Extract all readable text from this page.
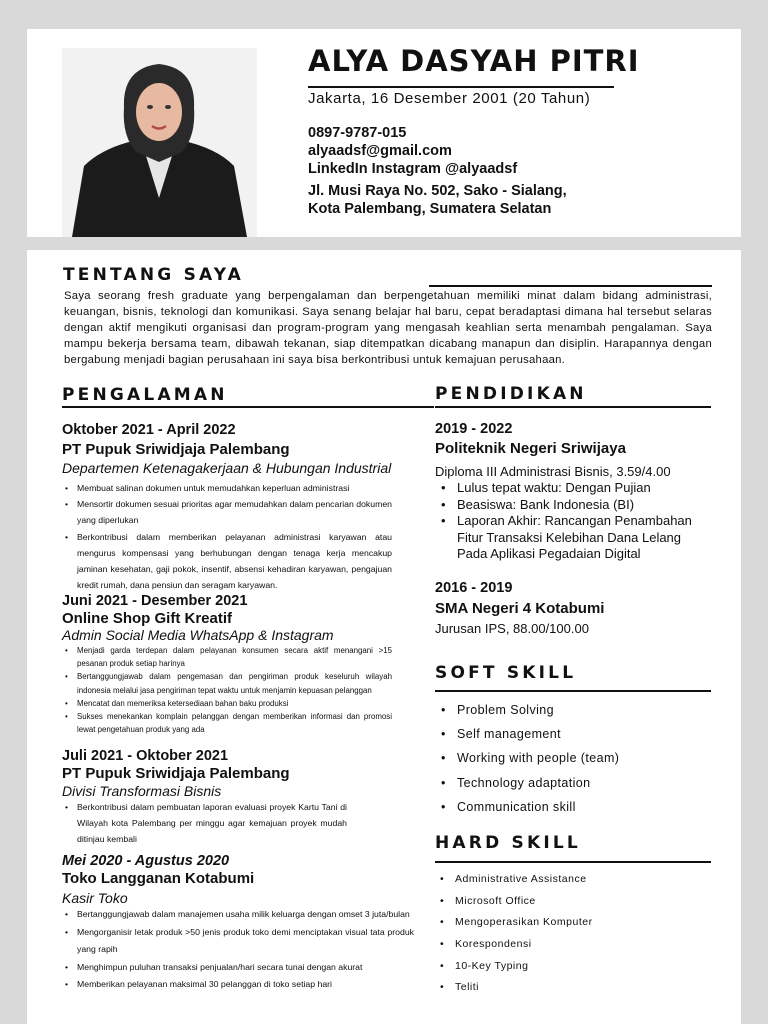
ALYA DASYAH PITRI
Jakarta, 16 Desember 2001 (20 Tahun)
0897-9787-015
alyaadsf@gmail.com
LinkedIn Instagram @alyaadsf
Jl. Musi Raya No. 502, Sako - Sialang,
Kota Palembang, Sumatera Selatan
TENTANG SAYA
Saya seorang fresh graduate yang berpengalaman dan berpengetahuan memiliki minat dalam bidang administrasi, keuangan, bisnis, teknologi dan komunikasi. Saya senang belajar hal baru, cepat beradaptasi dimana hal tersebut selaras dengan aktif mengikuti organisasi dan program-program yang mengasah keahlian serta menambah pengalaman. Saya mampu bekerja bersama team, dibawah tekanan, siap ditempatkan dicabang manapun dan disiplin. Harapannya dengan bergabung menjadi bagian perusahaan ini saya bisa berkontribusi untuk kemajuan perusahaan.
PENGALAMAN
Oktober 2021 - April 2022
PT Pupuk Sriwidjaja Palembang
Departemen Ketenagakerjaan & Hubungan Industrial
• Membuat salinan dokumen untuk memudahkan keperluan administrasi
• Mensortir dokumen sesuai prioritas agar memudahkan dalam pencarian dokumen yang diperlukan
• Berkontribusi dalam memberikan pelayanan administrasi karyawan atau mengurus kompensasi yang berhubungan dengan tenaga kerja mencakup jaminan kesehatan, gaji pokok, insentif, absensi kehadiran karyawan, pengajuan kredit rumah, dana pensiun dan seragam karyawan.
Juni 2021 - Desember 2021
Online Shop Gift Kreatif
Admin Social Media WhatsApp & Instagram
• Menjadi garda terdepan dalam pelayanan konsumen secara aktif menangani >15 pesanan produk setiap harinya
• Bertanggungjawab dalam pengemasan dan pengiriman produk keseluruh wilayah indonesia melalui jasa pengiriman tepat waktu untuk menjamin kepuasan pelanggan
• Mencatat dan memeriksa ketersediaan bahan baku produksi
• Sukses menekankan komplain pelanggan dengan memberikan informasi dan promosi lewat pengetahuan produk yang ada
Juli 2021 - Oktober 2021
PT Pupuk Sriwidjaja Palembang
Divisi Transformasi Bisnis
• Berkontribusi dalam pembuatan laporan evaluasi proyek Kartu Tani di Wilayah kota Palembang per minggu agar kemajuan proyek mudah ditinjau kembali
Mei 2020 - Agustus 2020
Toko Langganan Kotabumi
Kasir Toko
• Bertanggungjawab dalam manajemen usaha milik keluarga dengan omset 3 juta/bulan
• Mengorganisir letak produk >50 jenis produk toko demi menciptakan visual tata produk yang rapih
• Menghimpun puluhan transaksi penjualan/hari secara tunai dengan akurat
• Memberikan pelayanan maksimal 30 pelanggan di toko setiap hari
PENDIDIKAN
2019 - 2022
Politeknik Negeri Sriwijaya
Diploma III Administrasi Bisnis, 3.59/4.00
• Lulus tepat waktu: Dengan Pujian
• Beasiswa: Bank Indonesia (BI)
• Laporan Akhir: Rancangan Penambahan Fitur Transaksi Kelebihan Dana Lelang Pada Aplikasi Pegadaian Digital
2016 - 2019
SMA Negeri 4 Kotabumi
Jurusan IPS, 88.00/100.00
SOFT SKILL
• Problem Solving
• Self management
• Working with people (team)
• Technology adaptation
• Communication skill
HARD SKILL
• Administrative Assistance
• Microsoft Office
• Mengoperasikan Komputer
• Korespondensi
• 10-Key Typing
• Teliti
